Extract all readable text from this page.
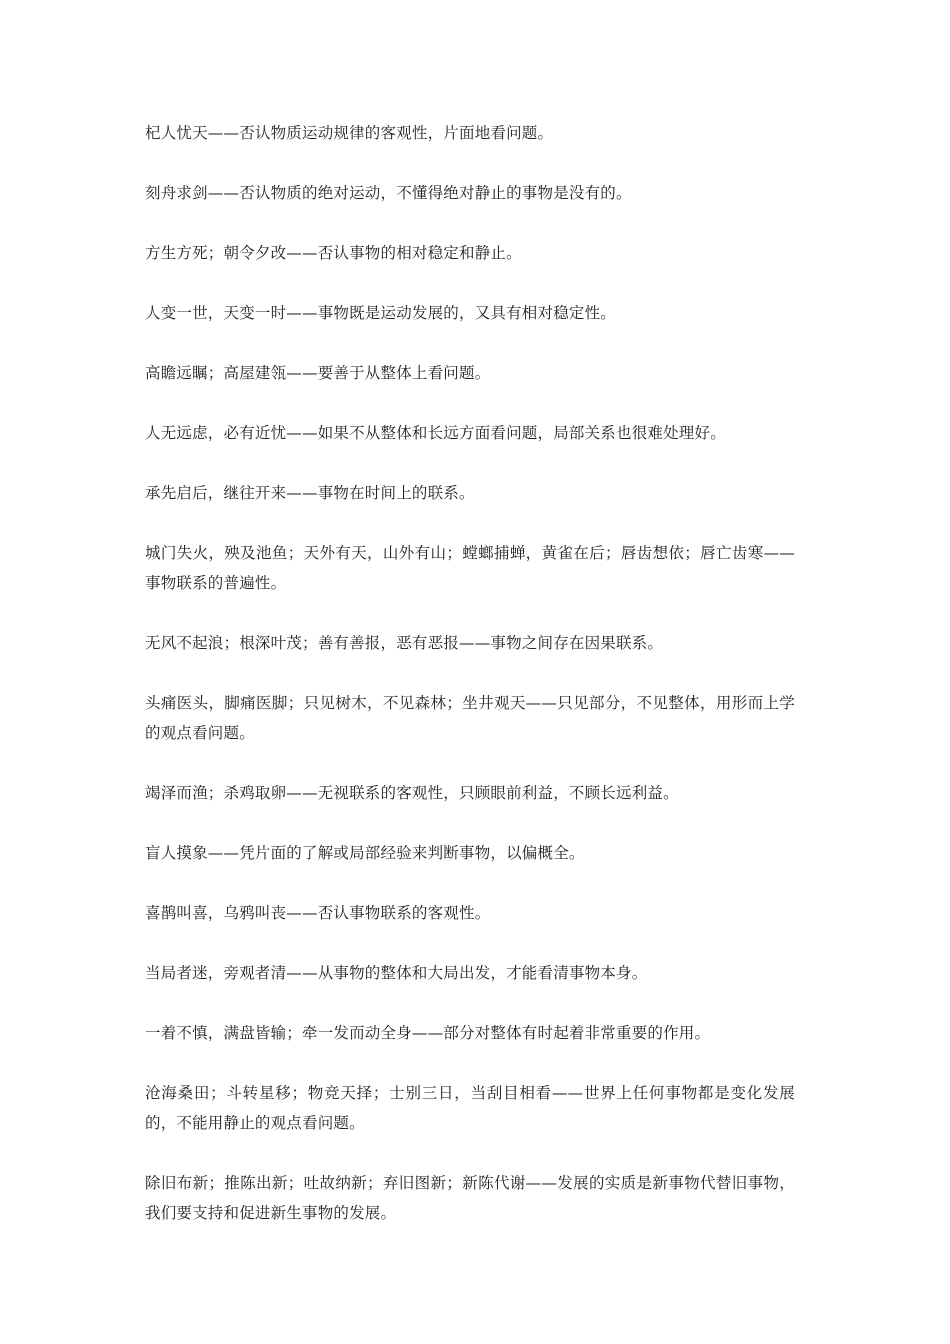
杞人忧天——否认物质运动规律的客观性，片面地看问题。

刻舟求剑——否认物质的绝对运动，不懂得绝对静止的事物是没有的。

方生方死；朝令夕改——否认事物的相对稳定和静止。

人变一世，天变一时——事物既是运动发展的，又具有相对稳定性。

高瞻远瞩；高屋建瓴——要善于从整体上看问题。

人无远虑，必有近忧——如果不从整体和长远方面看问题，局部关系也很难处理好。

承先启后，继往开来——事物在时间上的联系。

城门失火，殃及池鱼；天外有天，山外有山；螳螂捕蝉，黄雀在后；唇齿想依；唇亡齿寒——事物联系的普遍性。

无风不起浪；根深叶茂；善有善报，恶有恶报——事物之间存在因果联系。

头痛医头，脚痛医脚；只见树木，不见森林；坐井观天——只见部分，不见整体，用形而上学的观点看问题。

竭泽而渔；杀鸡取卵——无视联系的客观性，只顾眼前利益，不顾长远利益。

盲人摸象——凭片面的了解或局部经验来判断事物，以偏概全。

喜鹊叫喜，乌鸦叫丧——否认事物联系的客观性。

当局者迷，旁观者清——从事物的整体和大局出发，才能看清事物本身。

一着不慎，满盘皆输；牵一发而动全身——部分对整体有时起着非常重要的作用。

沧海桑田；斗转星移；物竞天择；士别三日，当刮目相看——世界上任何事物都是变化发展的，不能用静止的观点看问题。

除旧布新；推陈出新；吐故纳新；弃旧图新；新陈代谢——发展的实质是新事物代替旧事物，我们要支持和促进新生事物的发展。
